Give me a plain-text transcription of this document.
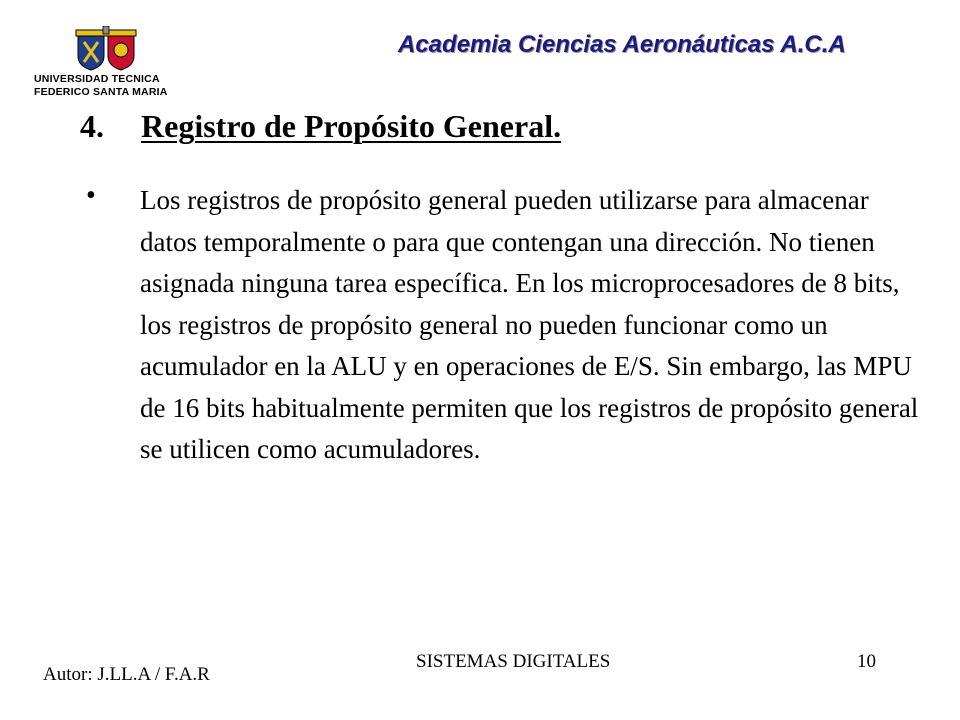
UNIVERSIDAD TECNICA
FEDERICO SANTA MARIA
Academia Ciencias Aeronáuticas A.C.A
4. Registro de Propósito General.
• Los registros de propósito general pueden utilizarse para almacenar datos temporalmente o para que contengan una dirección. No tienen asignada ninguna tarea específica. En los microprocesadores de 8 bits, los registros de propósito general no pueden funcionar como un acumulador en la ALU y en operaciones de E/S. Sin embargo, las MPU de 16 bits habitualmente permiten que los registros de propósito general se utilicen como acumuladores.

Autor: J.LL.A / F.A.R
SISTEMAS DIGITALES	10
